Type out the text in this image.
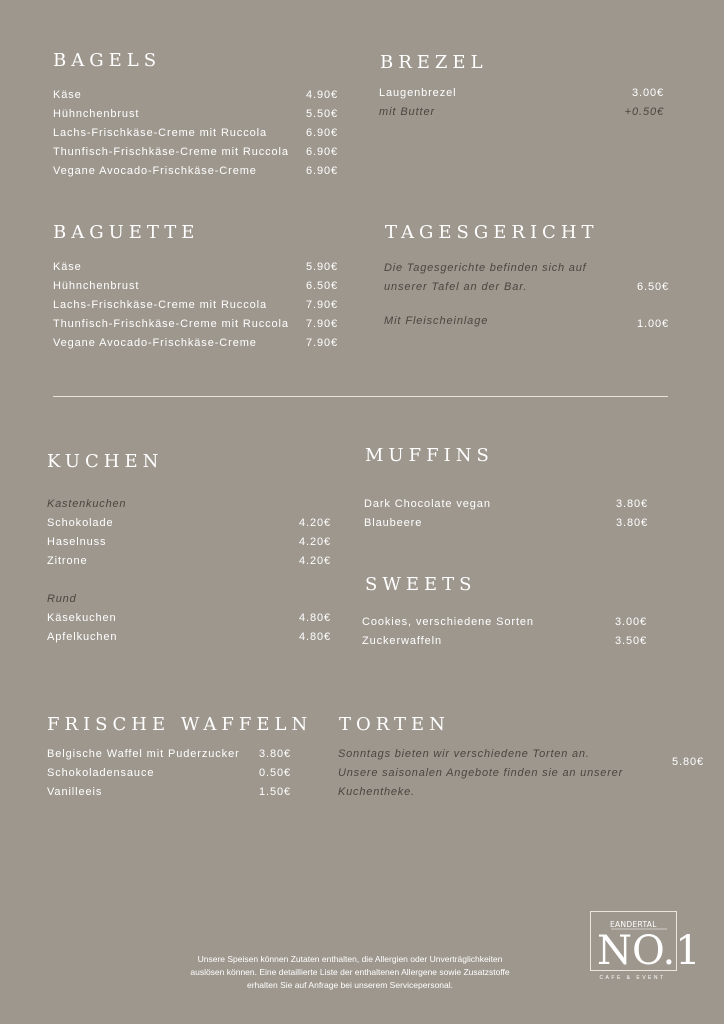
BAGELS
Käse	4.90€
Hühnchenbrust	5.50€
Lachs-Frischkäse-Creme mit Ruccola	6.90€
Thunfisch-Frischkäse-Creme mit Ruccola 6.90€
Vegane Avocado-Frischkäse-Creme	6.90€
BREZEL
Laugenbrezel	3.00€
mit Butter	+0.50€
BAGUETTE
Käse	5.90€
Hühnchenbrust	6.50€
Lachs-Frischkäse-Creme mit Ruccola	7.90€
Thunfisch-Frischkäse-Creme mit Ruccola 7.90€
Vegane Avocado-Frischkäse-Creme	7.90€
TAGESGERICHT
Die Tagesgerichte befinden sich auf
unserer Tafel an der Bar.	6.50€
Mit Fleischeinlage	1.00€
KUCHEN
Kastenkuchen
Schokolade	4.20€
Haselnuss	4.20€
Zitrone	4.20€
Rund
Käsekuchen	4.80€
Apfelkuchen	4.80€
MUFFINS
Dark Chocolate vegan	3.80€
Blaubeere	3.80€
SWEETS
Cookies, verschiedene Sorten	3.00€
Zuckerwaffeln	3.50€
FRISCHE WAFFELN
Belgische Waffel mit Puderzucker 3.80€
Schokoladensauce	0.50€
Vanilleeis	1.50€
TORTEN
Sonntags bieten wir verschiedene Torten an.
Unsere saisonalen Angebote finden sie an unserer
Kuchentheke.
5.80€
Unsere Speisen können Zutaten enthalten, die Allergien oder Unverträglichkeiten
auslösen können. Eine detaillierte Liste der enthaltenen Allergene sowie Zusatzstoffe
erhalten Sie auf Anfrage bei unserem Servicepersonal.
EANDERTAL
NO.1
CAFE & EVENT
